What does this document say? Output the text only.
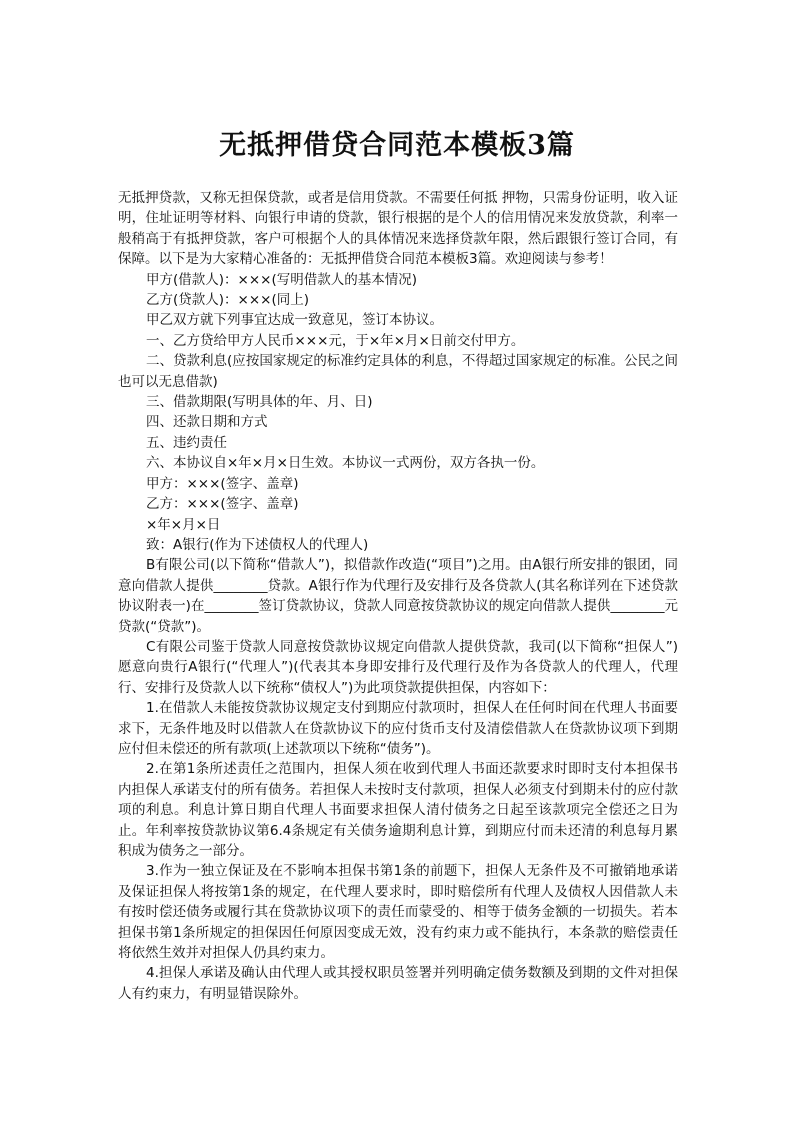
无抵押借贷合同范本模板3篇

无抵押贷款，又称无担保贷款，或者是信用贷款。不需要任何抵 押物，只需身份证明，收入证明，住址证明等材料、向银行申请的贷款，银行根据的是个人的信用情况来发放贷款，利率一般稍高于有抵押贷款，客户可根据个人的具体情况来选择贷款年限，然后跟银行签订合同，有保障。以下是为大家精心准备的：无抵押借贷合同范本模板3篇。欢迎阅读与参考！

甲方(借款人)：×××(写明借款人的基本情况)

乙方(贷款人)：×××(同上)

甲乙双方就下列事宜达成一致意见，签订本协议。

一、乙方贷给甲方人民币×××元，于×年×月×日前交付甲方。

二、贷款利息(应按国家规定的标准约定具体的利息，不得超过国家规定的标准。公民之间也可以无息借款)

三、借款期限(写明具体的年、月、日)

四、还款日期和方式

五、违约责任

六、本协议自×年×月×日生效。本协议一式两份，双方各执一份。

甲方：×××(签字、盖章)

乙方：×××(签字、盖章)

×年×月×日

致：A银行(作为下述债权人的代理人)

B有限公司(以下简称“借款人”)，拟借款作改造(“项目”)之用。由A银行所安排的银团，同意向借款人提供________贷款。A银行作为代理行及安排行及各贷款人(其名称详列在下述贷款协议附表一)在________签订贷款协议，贷款人同意按贷款协议的规定向借款人提供________元贷款(“贷款”)。

C有限公司鉴于贷款人同意按贷款协议规定向借款人提供贷款，我司(以下简称“担保人”)愿意向贵行A银行(“代理人”)(代表其本身即安排行及代理行及作为各贷款人的代理人，代理行、安排行及贷款人以下统称“债权人”)为此项贷款提供担保，内容如下：

1.在借款人未能按贷款协议规定支付到期应付款项时，担保人在任何时间在代理人书面要求下，无条件地及时以借款人在贷款协议下的应付货币支付及清偿借款人在贷款协议项下到期应付但未偿还的所有款项(上述款项以下统称“债务”)。

2.在第1条所述责任之范围内，担保人须在收到代理人书面还款要求时即时支付本担保书内担保人承诺支付的所有债务。若担保人未按时支付款项，担保人必须支付到期未付的应付款项的利息。利息计算日期自代理人书面要求担保人清付债务之日起至该款项完全偿还之日为止。年利率按贷款协议第6.4条规定有关债务逾期利息计算，到期应付而未还清的利息每月累积成为债务之一部分。

3.作为一独立保证及在不影响本担保书第1条的前题下，担保人无条件及不可撤销地承诺及保证担保人将按第1条的规定，在代理人要求时，即时赔偿所有代理人及债权人因借款人未有按时偿还债务或履行其在贷款协议项下的责任而蒙受的、相等于债务金额的一切损失。若本担保书第1条所规定的担保因任何原因变成无效，没有约束力或不能执行，本条款的赔偿责任将依然生效并对担保人仍具约束力。

4.担保人承诺及确认由代理人或其授权职员签署并列明确定债务数额及到期的文件对担保人有约束力，有明显错误除外。
